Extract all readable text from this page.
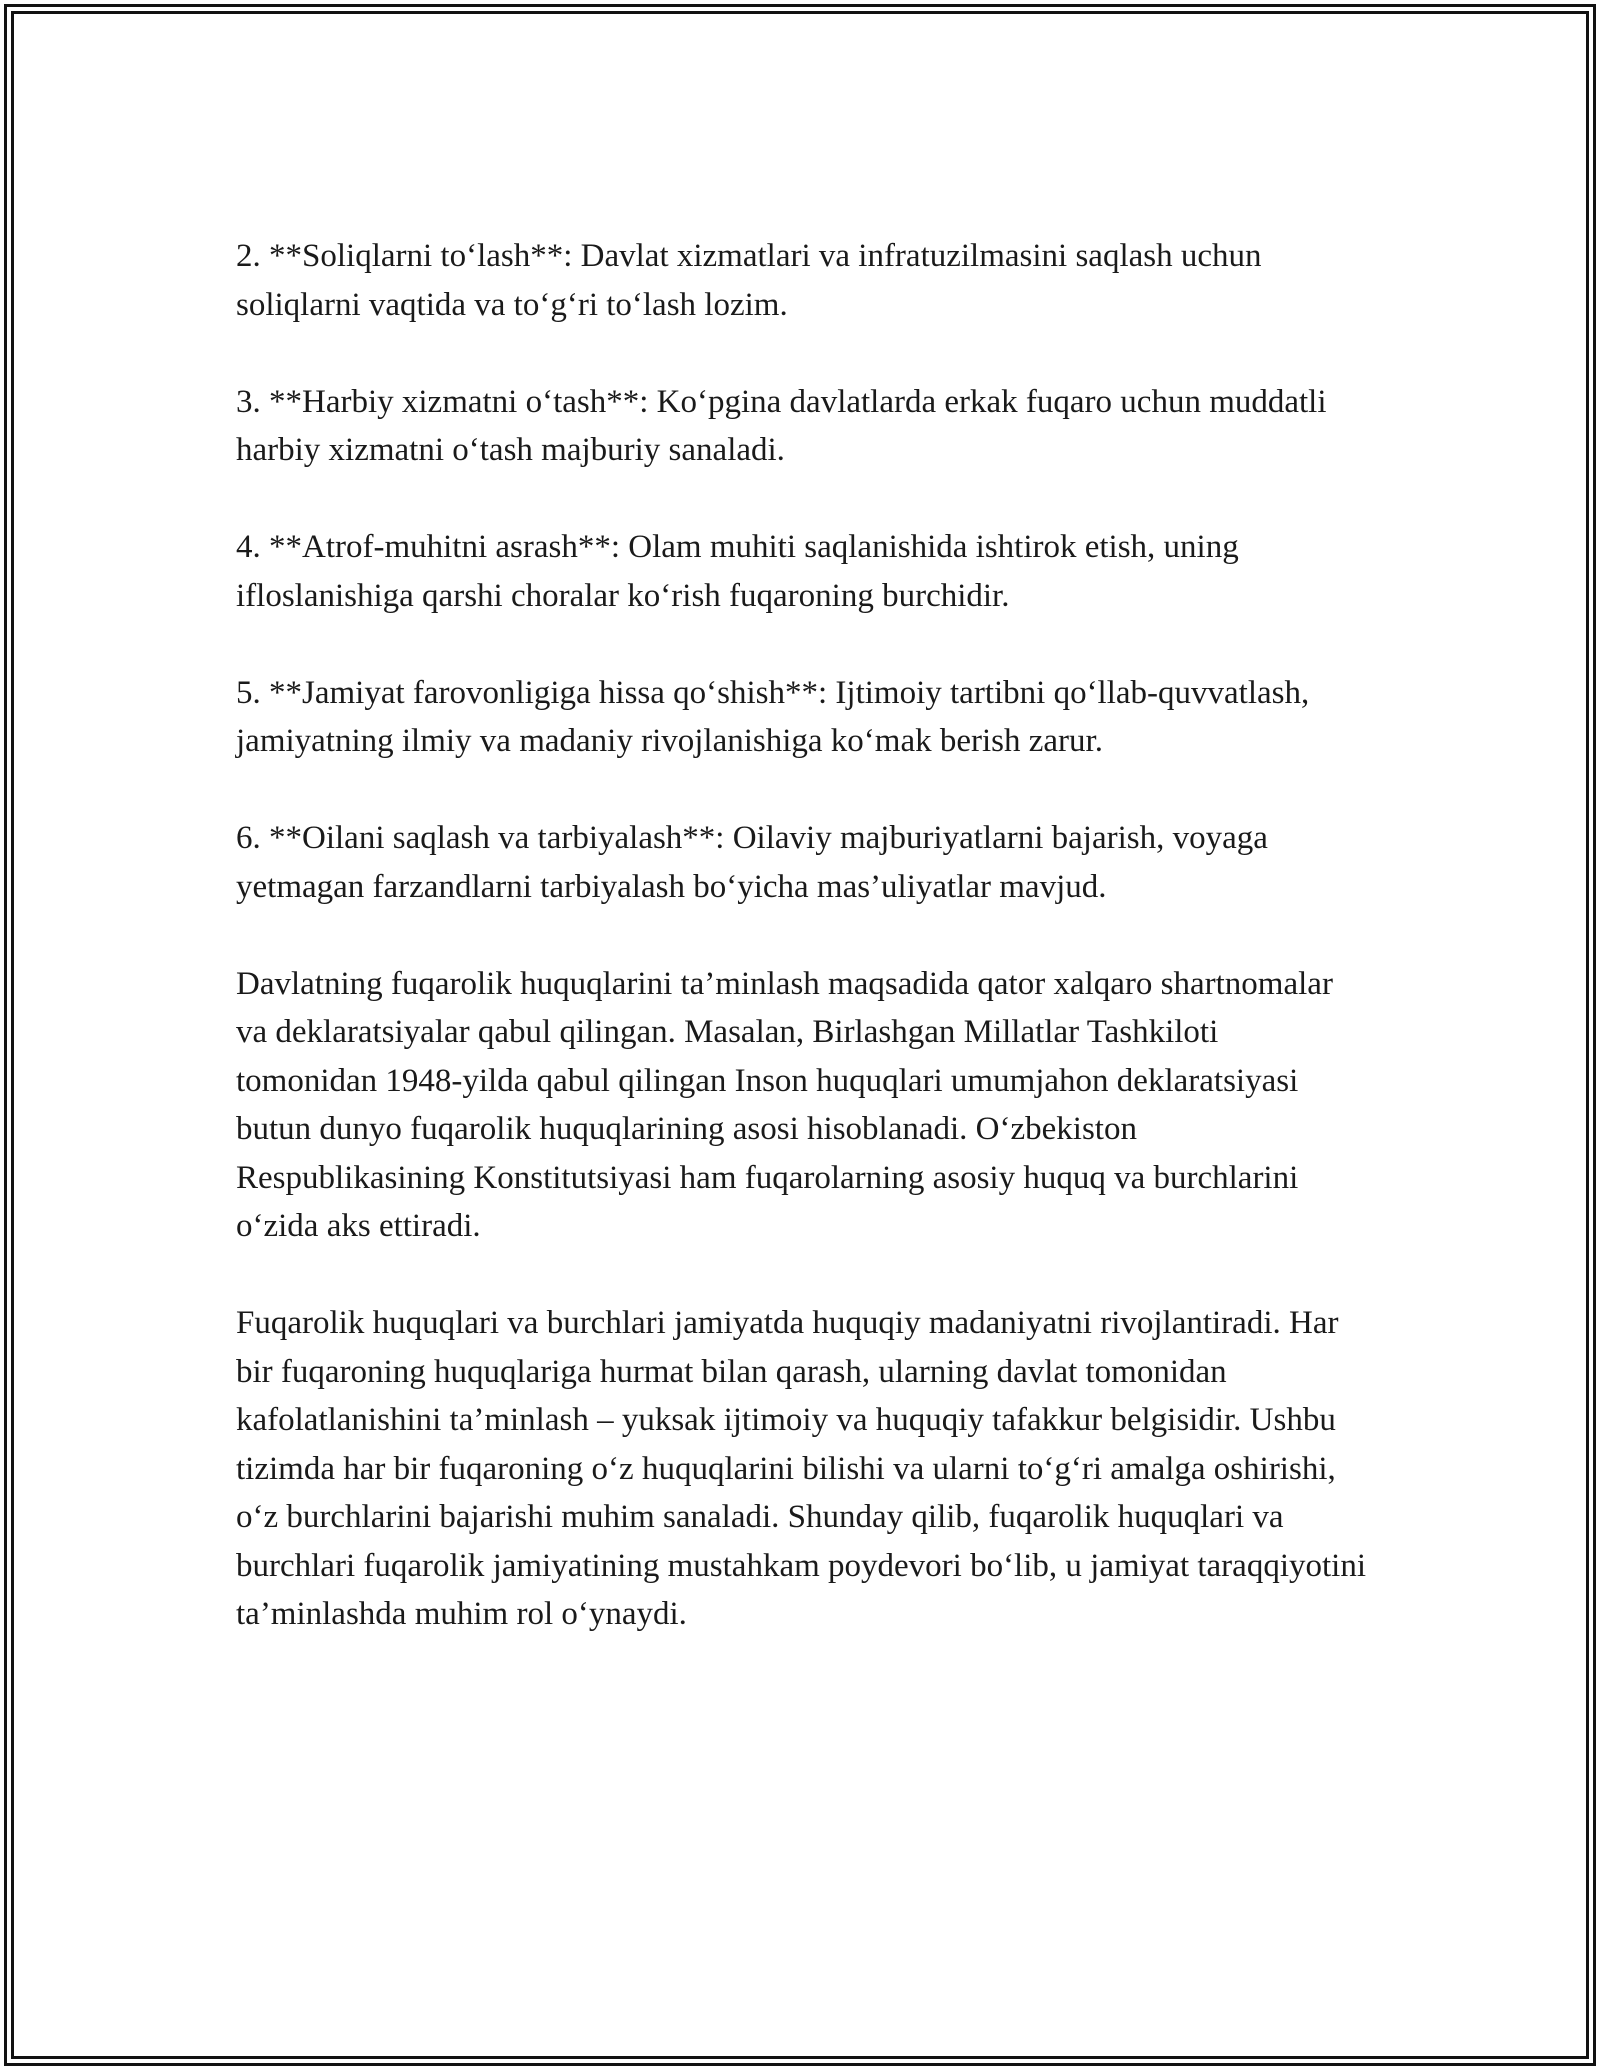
2. **Soliqlarni to‘lash**: Davlat xizmatlari va infratuzilmasini saqlash uchun soliqlarni vaqtida va to‘g‘ri to‘lash lozim.

3. **Harbiy xizmatni o‘tash**: Ko‘pgina davlatlarda erkak fuqaro uchun muddatli harbiy xizmatni o‘tash majburiy sanaladi.

4. **Atrof-muhitni asrash**: Olam muhiti saqlanishida ishtirok etish, uning ifloslanishiga qarshi choralar ko‘rish fuqaroning burchidir.

5. **Jamiyat farovonligiga hissa qo‘shish**: Ijtimoiy tartibni qo‘llab-quvvatlash, jamiyatning ilmiy va madaniy rivojlanishiga ko‘mak berish zarur.

6. **Oilani saqlash va tarbiyalash**: Oilaviy majburiyatlarni bajarish, voyaga yetmagan farzandlarni tarbiyalash bo‘yicha mas’uliyatlar mavjud.

Davlatning fuqarolik huquqlarini ta’minlash maqsadida qator xalqaro shartnomalar va deklaratsiyalar qabul qilingan. Masalan, Birlashgan Millatlar Tashkiloti tomonidan 1948-yilda qabul qilingan Inson huquqlari umumjahon deklaratsiyasi butun dunyo fuqarolik huquqlarining asosi hisoblanadi. O‘zbekiston Respublikasining Konstitutsiyasi ham fuqarolarning asosiy huquq va burchlarini o‘zida aks ettiradi.

Fuqarolik huquqlari va burchlari jamiyatda huquqiy madaniyatni rivojlantiradi. Har bir fuqaroning huquqlariga hurmat bilan qarash, ularning davlat tomonidan kafolatlanishini ta’minlash – yuksak ijtimoiy va huquqiy tafakkur belgisidir. Ushbu tizimda har bir fuqaroning o‘z huquqlarini bilishi va ularni to‘g‘ri amalga oshirishi, o‘z burchlarini bajarishi muhim sanaladi. Shunday qilib, fuqarolik huquqlari va burchlari fuqarolik jamiyatining mustahkam poydevori bo‘lib, u jamiyat taraqqiyotini ta’minlashda muhim rol o‘ynaydi.
